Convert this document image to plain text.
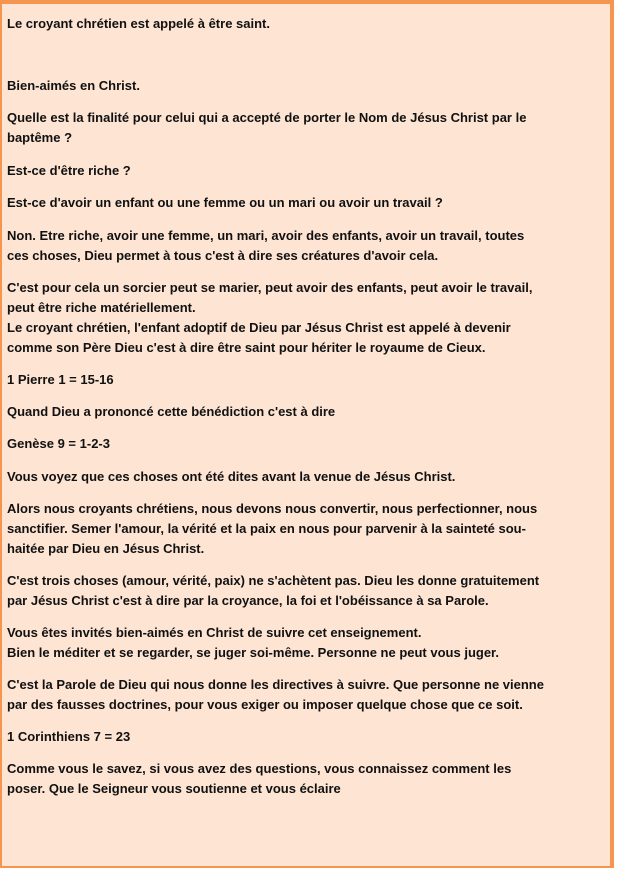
Le croyant chrétien est appelé à être saint.

Bien-aimés en Christ.

Quelle est la finalité pour celui qui a accepté de porter le Nom de Jésus Christ par le
baptême ?

Est-ce d'être riche ?

Est-ce d'avoir un enfant ou une femme ou un mari ou avoir un travail ?

Non. Etre riche, avoir une femme, un mari, avoir des enfants, avoir un travail, toutes
ces choses, Dieu permet à tous c'est à dire ses créatures d'avoir cela.

C'est pour cela un sorcier peut se marier, peut avoir des enfants, peut avoir le travail,
peut être riche matériellement.
Le croyant chrétien, l'enfant adoptif de Dieu par Jésus Christ est appelé à devenir
comme son Père Dieu c'est à dire être saint pour hériter le royaume de Cieux.

1 Pierre 1 = 15-16

Quand Dieu a prononcé cette bénédiction c'est à dire

Genèse 9 = 1-2-3

Vous voyez que ces choses ont été dites avant la venue de Jésus Christ.

Alors nous croyants chrétiens, nous devons nous convertir, nous perfectionner, nous
sanctifier. Semer l'amour, la vérité et la paix en nous pour parvenir à la sainteté sou-
haitée par Dieu en Jésus Christ.

C'est trois choses (amour, vérité, paix) ne s'achètent pas. Dieu les donne gratuitement
par Jésus Christ c'est à dire par la croyance, la foi et l'obéissance à sa Parole.

Vous êtes invités bien-aimés en Christ de suivre cet enseignement.
Bien le méditer et se regarder, se juger soi-même. Personne ne peut vous juger.

C'est la Parole de Dieu qui nous donne les directives à suivre. Que personne ne vienne
par des fausses doctrines, pour vous exiger ou imposer quelque chose que ce soit.

1 Corinthiens 7 = 23

Comme vous le savez, si vous avez des questions, vous connaissez comment les
poser. Que le Seigneur vous soutienne et vous éclaire
